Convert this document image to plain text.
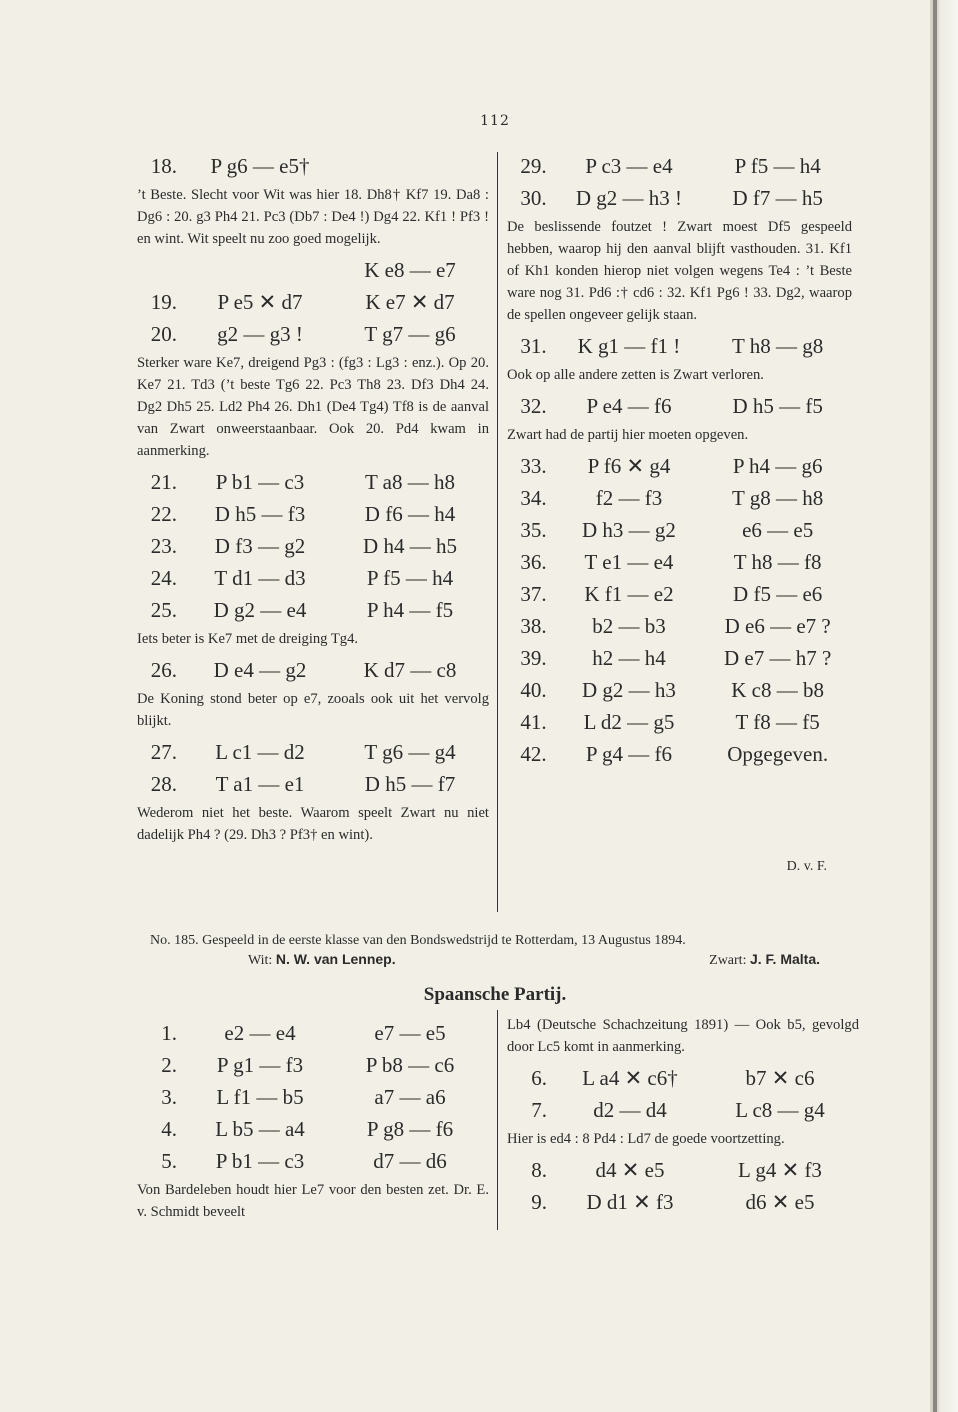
112
18.	P g6 — e5†
’t Beste. Slecht voor Wit was hier 18. Dh8† Kf7 19. Da8 : Dg6 : 20. g3 Ph4 21. Pc3 (Db7 : De4 !) Dg4 22. Kf1 ! Pf3 ! en wint. Wit speelt nu zoo goed mogelijk.
K e8 — e7
19.	P e5 ✕ d7	K e7 ✕ d7
20.	g2 — g3 !	T g7 — g6
Sterker ware Ke7, dreigend Pg3 : (fg3 : Lg3 : enz.). Op 20. Ke7 21. Td3 (’t beste Tg6 22. Pc3 Th8 23. Df3 Dh4 24. Dg2 Dh5 25. Ld2 Ph4 26. Dh1 (De4 Tg4) Tf8 is de aanval van Zwart onweerstaanbaar. Ook 20. Pd4 kwam in aanmerking.
21.	P b1 — c3	T a8 — h8
22.	D h5 — f3	D f6 — h4
23.	D f3 — g2	D h4 — h5
24.	T d1 — d3	P f5 — h4
25.	D g2 — e4	P h4 — f5
Iets beter is Ke7 met de dreiging Tg4.
26.	D e4 — g2	K d7 — c8
De Koning stond beter op e7, zooals ook uit het vervolg blijkt.
27.	L c1 — d2	T g6 — g4
28.	T a1 — e1	D h5 — f7
Wederom niet het beste. Waarom speelt Zwart nu niet dadelijk Ph4 ? (29. Dh3 ? Pf3† en wint).
29.	P c3 — e4	P f5 — h4
30.	D g2 — h3 !	D f7 — h5
De beslissende foutzet ! Zwart moest Df5 gespeeld hebben, waarop hij den aanval blijft vasthouden. 31. Kf1 of Kh1 konden hierop niet volgen wegens Te4 : ’t Beste ware nog 31. Pd6 :† cd6 : 32. Kf1 Pg6 ! 33. Dg2, waarop de spellen ongeveer gelijk staan.
31.	K g1 — f1 !	T h8 — g8
Ook op alle andere zetten is Zwart verloren.
32.	P e4 — f6	D h5 — f5
Zwart had de partij hier moeten opgeven.
33.	P f6 ✕ g4	P h4 — g6
34.	f2 — f3	T g8 — h8
35.	D h3 — g2	e6 — e5
36.	T e1 — e4	T h8 — f8
37.	K f1 — e2	D f5 — e6
38.	b2 — b3	D e6 — e7 ?
39.	h2 — h4	D e7 — h7 ?
40.	D g2 — h3	K c8 — b8
41.	L d2 — g5	T f8 — f5
42.	P g4 — f6	Opgegeven.
D. v. F.
No. 185. Gespeeld in de eerste klasse van den Bondswedstrijd te Rotterdam, 13 Augustus 1894.
Wit: N. W. van Lennep.	Zwart: J. F. Malta.
Spaansche Partij.
1.	e2 — e4	e7 — e5
2.	P g1 — f3	P b8 — c6
3.	L f1 — b5	a7 — a6
4.	L b5 — a4	P g8 — f6
5.	P b1 — c3	d7 — d6
Von Bardeleben houdt hier Le7 voor den besten zet. Dr. E. v. Schmidt beveelt
Lb4 (Deutsche Schachzeitung 1891) — Ook b5, gevolgd door Lc5 komt in aanmerking.
6.	L a4 ✕ c6†	b7 ✕ c6
7.	d2 — d4	L c8 — g4
Hier is ed4 : 8 Pd4 : Ld7 de goede voortzetting.
8.	d4 ✕ e5	L g4 ✕ f3
9.	D d1 ✕ f3	d6 ✕ e5
